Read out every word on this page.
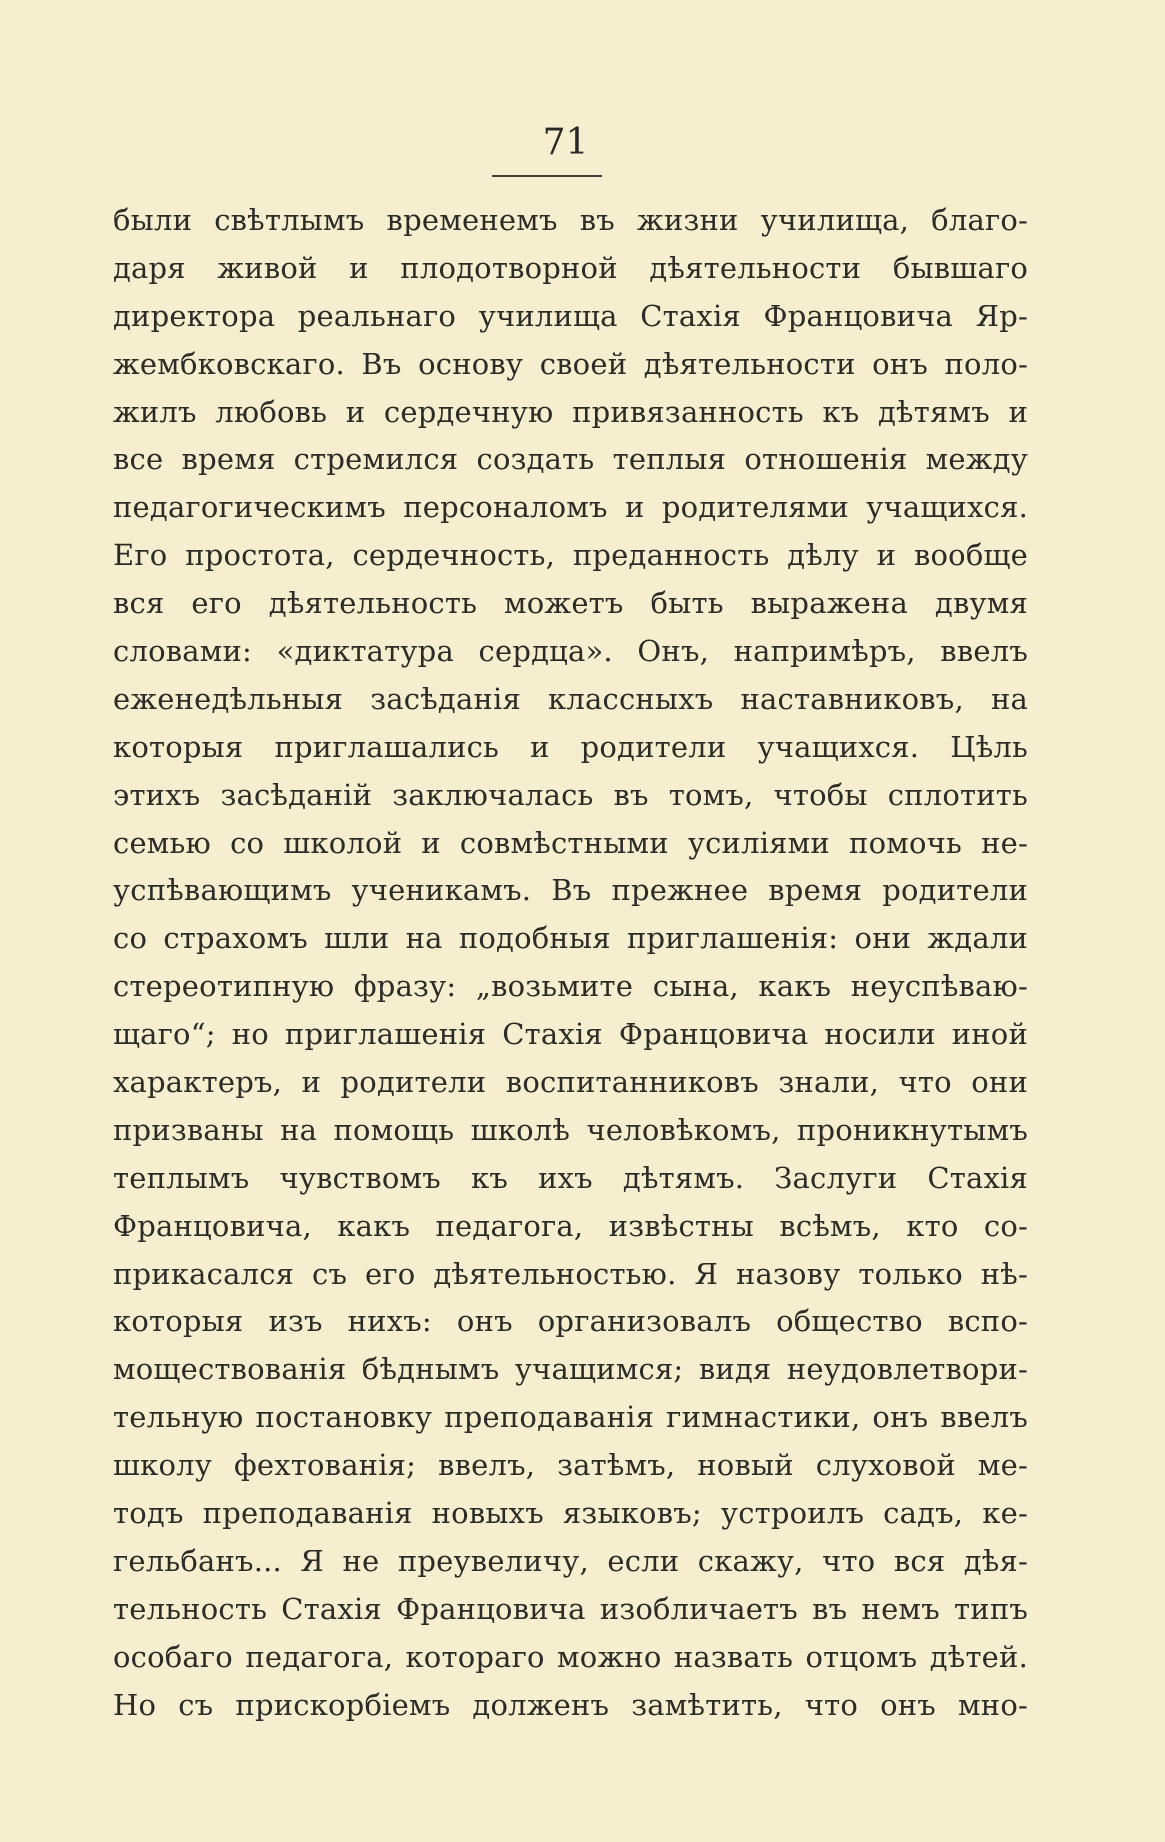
71
были свѣтлымъ временемъ въ жизни училища, благо-
даря живой и плодотворной дѣятельности бывшаго
директора реальнаго училища Стахія Францовича Яр-
жембковскаго. Въ основу своей дѣятельности онъ поло-
жилъ любовь и сердечную привязанность къ дѣтямъ и
все время стремился создать теплыя отношенія между
педагогическимъ персоналомъ и родителями учащихся.
Его простота, сердечность, преданность дѣлу и вообще
вся его дѣятельность можетъ быть выражена двумя
словами: «диктатура сердца». Онъ, напримѣръ, ввелъ
еженедѣльныя засѣданія классныхъ наставниковъ, на
которыя приглашались и родители учащихся. Цѣль
этихъ засѣданій заключалась въ томъ, чтобы сплотить
семью со школой и совмѣстными усиліями помочь не-
успѣвающимъ ученикамъ. Въ прежнее время родители
со страхомъ шли на подобныя приглашенія: они ждали
стереотипную фразу: „возьмите сына, какъ неуспѣваю-
щаго“; но приглашенія Стахія Францовича носили иной
характеръ, и родители воспитанниковъ знали, что они
призваны на помощь школѣ человѣкомъ, проникнутымъ
теплымъ чувствомъ къ ихъ дѣтямъ. Заслуги Стахія
Францовича, какъ педагога, извѣстны всѣмъ, кто со-
прикасался съ его дѣятельностью. Я назову только нѣ-
которыя изъ нихъ: онъ организовалъ общество вспо-
моществованія бѣднымъ учащимся; видя неудовлетвори-
тельную постановку преподаванія гимнастики, онъ ввелъ
школу фехтованія; ввелъ, затѣмъ, новый слуховой ме-
тодъ преподаванія новыхъ языковъ; устроилъ садъ, ке-
гельбанъ... Я не преувеличу, если скажу, что вся дѣя-
тельность Стахія Францовича изобличаетъ въ немъ типъ
особаго педагога, котораго можно назвать отцомъ дѣтей.
Но съ прискорбіемъ долженъ замѣтить, что онъ мно-
